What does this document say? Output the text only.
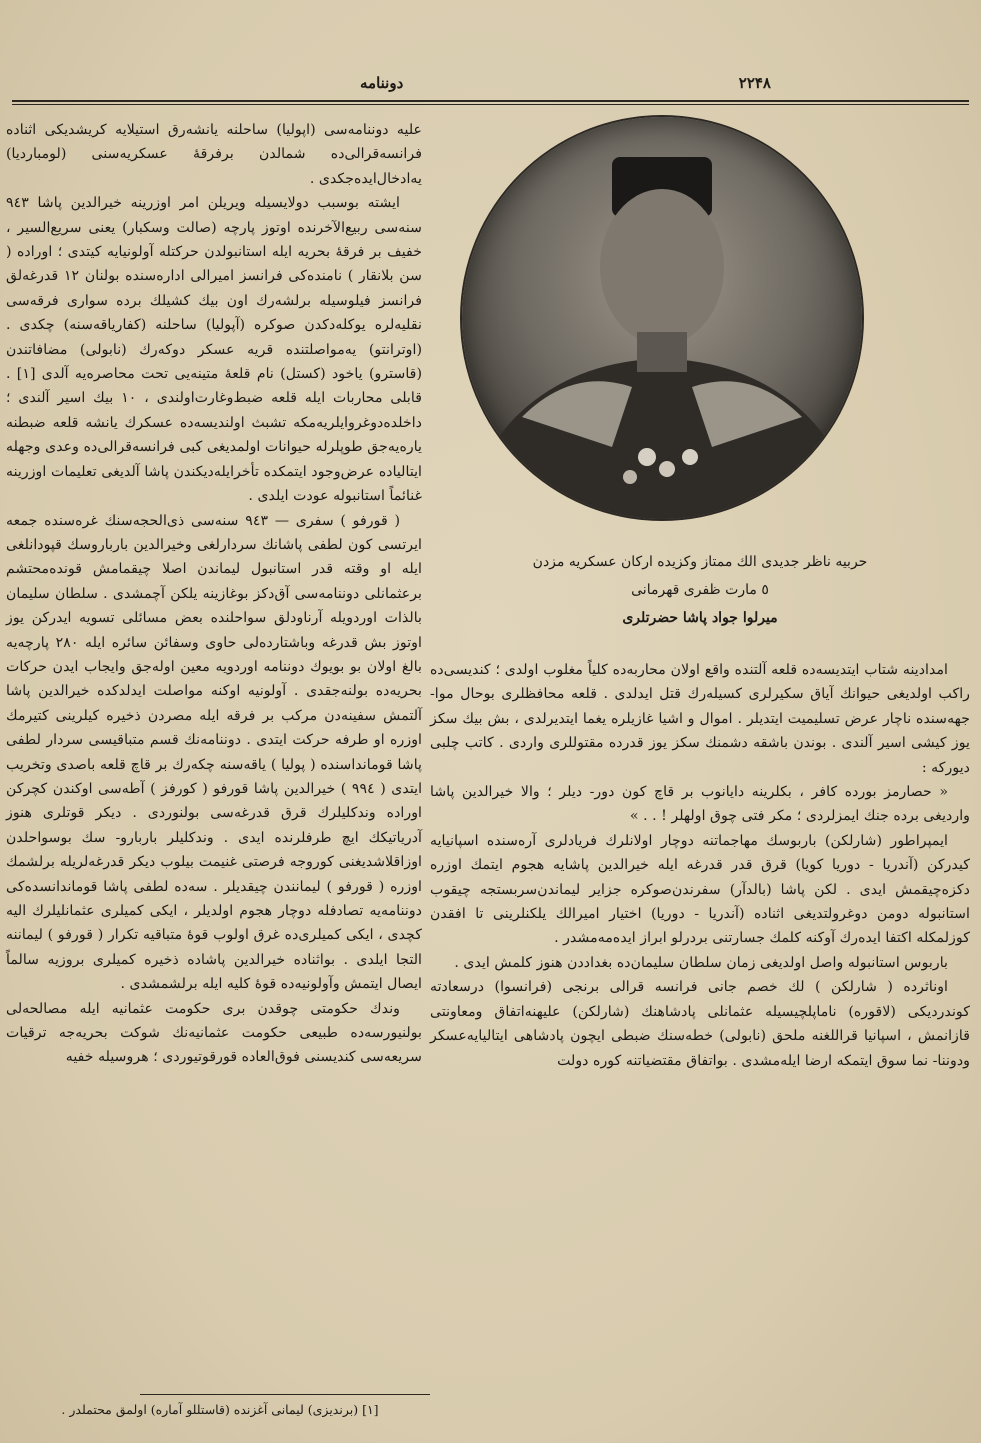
دوننامه	۲۲۴۸
حربيه ناظر جديدى الك ممتاز وكزيده اركان عسكريه مزدن
٥ مارت ظفرى قهرمانى
ميرلوا جواد پاشا حضرتلرى

عليه دوننامه‌سى (اپوليا) ساحلنه يانشه‌رق استيلايه كريشديكى اثناده فرانسه‌قرالى‌ده شمالدن برفرقهٔ عسكريه‌سنى (لومبارديا) يه‌ادخال‌ايده‌جكدى .

ايشته بوسبب دولايسيله ويريلن امر اوزرينه خيرالدين پاشا ٩٤٣ سنه‌سى ربيع‌الآخرنده اوتوز پارچه (صالت وسكبار) يعنى سريع‌السير ، خفيف بر فرقهٔ بحريه ايله استانبولدن حركتله آولونيايه كيتدى ؛ اوراده ( سن بلانقار ) نامنده‌كى فرانسز اميرالى اداره‌سنده بولنان ١٢ قدرغه‌لق فرانسز فيلوسيله برلشه‌رك اون بيك كشيلك برده سوارى فرقه‌سى نقليه‌لره يوكله‌دكدن صوكره (آپوليا) ساحلنه (كفارياقه‌سنه) چكدى . (اوترانتو) يه‌مواصلتنده قريه عسكر دوكه‌رك (نابولى) مضافاتندن (قاسترو) ياخود (كستل) نام قلعهٔ متينه‌يى تحت محاصره‌يه آلدى [١] . قابلى محاربات ايله قلعه ضبط‌وغارت‌اولندى ، ١٠ بيك اسير آلندى ؛ داخلده‌دوغروايلريه‌مكه تشبث اولنديسه‌ده عسكرك يانشه قلعه ضبطنه ياره‌يه‌جق طوپلرله حيوانات اولمديغى كبى فرانسه‌قرالى‌ده وعدى وجهله ايتالياده عرض‌وجود ايتمكده تأخرايله‌ديكندن پاشا آلديغى تعليمات اوزرينه غنائماً استانبوله عودت ايلدى .

( قورفو ) سفرى — ٩٤٣ سنه‌سى ذى‌الحجه‌سنك غره‌سنده جمعه ايرتسى كون لطفى پاشانك سردارلغى وخيرالدين بارباروسك قپودانلغى ايله او وقته قدر استانبول ليماندن اصلا چيقمامش قونده‌محتشم برعثمانلى دوننامه‌سى آق‌دكز بوغازينه يلكن آچمشدى . سلطان سليمان بالذات اوردويله آرناودلق سواحلنده بعض مسائلى تسويه ايدركن يوز اوتوز بش قدرغه وباشتارده‌لى حاوى وسفائن سائره ايله ٢٨٠ پارچه‌يه بالغ اولان بو بويوك دوننامه اوردويه معين اوله‌جق وايجاب ايدن حركات بحريه‌ده بولنه‌جقدى . آولونيه اوكنه مواصلت ايدلدكده خيرالدين پاشا آلتمش سفينه‌دن مركب بر فرقه ايله مصردن ذخيره كيلرينى كتيرمك اوزره او طرفه حركت ايتدى . دوننامه‌نك قسم متباقيسى سردار لطفى پاشا قومانداسنده ( پوليا ) ياقه‌سنه چكه‌رك بر قاچ قلعه باصدى وتخريب ايتدى ( ٩٩٤ ) خيرالدين پاشا قورفو ( كورفز ) آطه‌سى اوكندن كچركن اوراده وندكليلرك قرق قدرغه‌سى بولنوردى . ديكر قوتلرى هنوز آدرياتيكك ايچ طرفلرنده ايدى . وندكليلر باربارو- سك بوسواحلدن اوزاقلاشديغنى كوروجه فرصتى غنيمت بيلوب ديكر قدرغه‌لريله برلشمك اوزره ( قورفو ) ليمانندن چيقديلر . سه‌ده لطفى پاشا قوماندانسده‌كى دوننامه‌يه تصادفله دوچار هجوم اولديلر ، ايكى كميلرى عثمانليلرك اليه كچدى ، ايكى كميلرى‌ده غرق اولوب قوهٔ متباقيه تكرار ( قورفو ) ليماننه التجا ايلدى . بواثناده خيرالدين پاشاده ذخيره كميلرى بروزيه سالماً ايصال ايتمش وآولونيه‌ده قوهٔ كليه ايله برلشمشدى .

وندك حكومتى چوقدن برى حكومت عثمانيه ايله مصالحه‌لى بولنيورسه‌ده طبيعى حكومت عثمانيه‌نك شوكت بحريه‌جه ترقيات سريعه‌سى كنديسنى فوق‌العاده قورقوتيوردى ؛ هروسيله خفيه

امدادينه شتاب ايتديسه‌ده قلعه آلتنده واقع اولان محاربه‌ده كلياً مغلوب اولدى ؛ كنديسى‌ده راكب اولديغى حيوانك آياق سكيرلرى كسيله‌رك قتل ايدلدى . قلعه محافظلرى بوحال موا- جهه‌سنده ناچار عرض تسليميت ايتديلر . اموال و اشيا غازيلره يغما ايتديرلدى ، بش بيك سكز يوز كيشى اسير آلندى . بوندن باشقه دشمنك سكز يوز قدرده مقتوللرى واردى . كاتب چلبى ديوركه :

« حصارمز بورده كافر ، بكلرينه دايانوب بر قاچ كون دور- ديلر ؛ والا خيرالدين پاشا وارديغى برده جنك ايمزلردى ؛ مكر فتى چوق اولهلر ! . . »

ايمپراطور (شارلكن) باربوسك مهاجماتنه دوچار اولانلرك فريادلرى آره‌سنده اسپانيايه كيدركن (آندريا - دوريا كويا) قرق قدر قدرغه ايله خيرالدين پاشايه هجوم ايتمك اوزره دكزه‌چيقمش ايدى . لكن پاشا (بالدآر) سفرندن‌صوكره جزاير ليماندن‌سربستجه چيقوب استانبوله دومن دوغرولتديغى اثناده (آندريا - دوريا) اختيار اميرالك يلكنلرينى تا افقدن كوزلمكله اكتفا ايده‌رك آوكنه كلمك جسارتنى بردرلو ابراز ايده‌مه‌مشدر .

باربوس استانبوله واصل اولديغى زمان سلطان سليمان‌ده بغداددن هنوز كلمش ايدى .

اوناثرده ( شارلكن ) لك خصم جانى فرانسه قرالى برنجى (فرانسوا) درسعادته كوندرديكى (لاقوره) ناماپلچيسيله عثمانلى پادشاهنك (شارلكن) عليهنه‌اتفاق ومعاونتى قازانمش ، اسپانيا قراللغنه ملحق (نابولى) خطه‌سنك ضبطى ايچون پادشاهى ايتاليايه‌عسكر ودوننا- نما سوق ايتمكه ارضا ايله‌مشدى . بواتفاق مقتضياتنه كوره دولت

[١] (برنديزى) ليمانى آغزنده (قاستللو آماره) اولمق محتملدر .
